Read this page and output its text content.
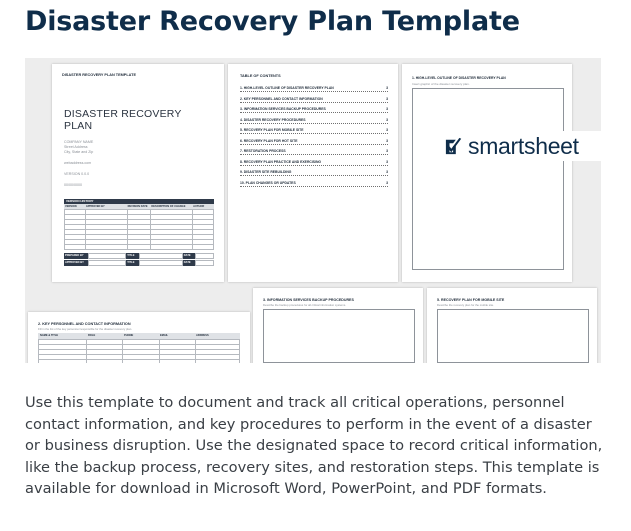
Disaster Recovery Plan Template
DISASTER RECOVERY PLAN TEMPLATE
DISASTER RECOVERY
PLAN
COMPANY NAME
Street Address
City, State and Zip
webaddress.com
VERSION 0.0.0
00/00/0000
VERSION HISTORY
VERSION	APPROVED BY	REVISION DATE	DESCRIPTION OF CHANGE	AUTHOR

PREPARED BY	TITLE	DATE
APPROVED BY	TITLE	DATE
TABLE OF CONTENTS
1. HIGH-LEVEL OUTLINE OF DISASTER RECOVERY PLAN	3
2. KEY PERSONNEL AND CONTACT INFORMATION	3
3. INFORMATION SERVICES BACKUP PROCEDURES	3
4. DISASTER RECOVERY PROCEDURES	3
5. RECOVERY PLAN FOR MOBILE SITE	3
6. RECOVERY PLAN FOR HOT SITE	3
7. RESTORATION PROCESS	3
8. RECOVERY PLAN PRACTICE AND EXERCISING	3
9. DISASTER SITE REBUILDING	3
10. PLAN CHANGES OR UPDATES	3
1. HIGH-LEVEL OUTLINE OF DISASTER RECOVERY PLAN
Insert graphic of the disaster recovery plan.
2. KEY PERSONNEL AND CONTACT INFORMATION
Fill in the list of the key personnel responsible for the disaster recovery plan.
NAME & TITLE	ROLE	PHONE	EMAIL	ADDRESS

3. INFORMATION SERVICES BACKUP PROCEDURES
Describe the backup procedures for all critical information systems.
5. RECOVERY PLAN FOR MOBILE SITE
Describe the recovery plan for the mobile site.
smartsheet

Use this template to document and track all critical operations, personnel contact information, and key procedures to perform in the event of a disaster or business disruption. Use the designated space to record critical information, like the backup process, recovery sites, and restoration steps. This template is available for download in Microsoft Word, PowerPoint, and PDF formats.
